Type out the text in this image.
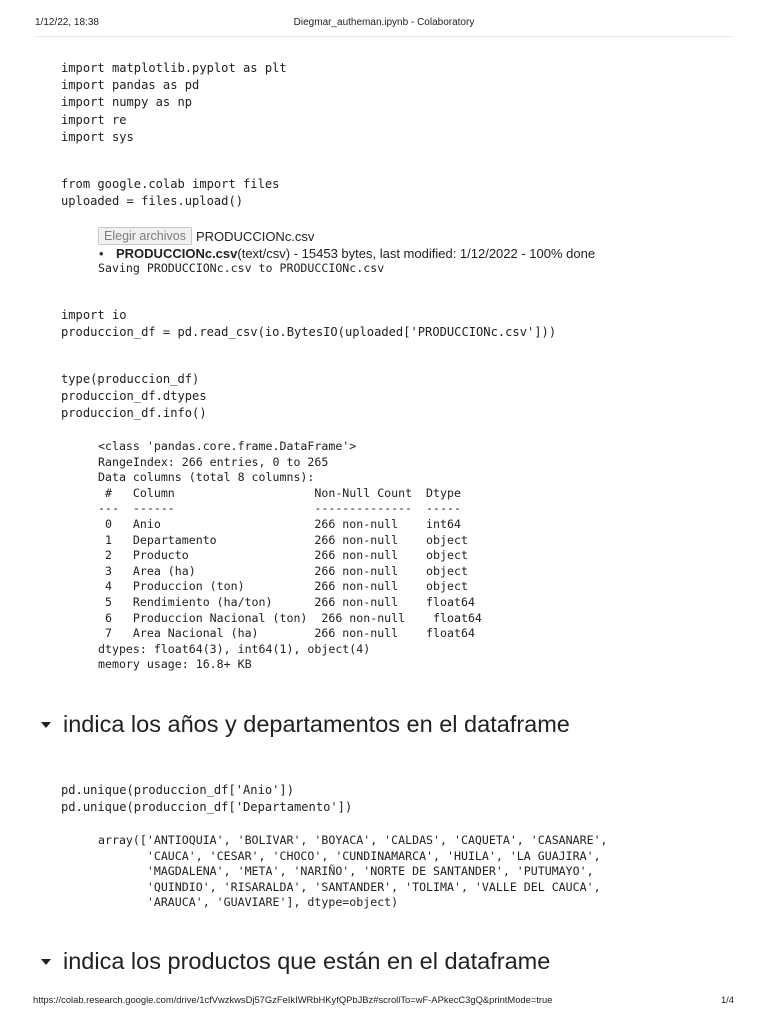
1/12/22, 18:38	Diegmar_autheman.ipynb - Colaboratory
import matplotlib.pyplot as plt
import pandas as pd
import numpy as np
import re
import sys
from google.colab import files
uploaded = files.upload()
Elegir archivos PRODUCCIONc.csv
• PRODUCCIONc.csv(text/csv) - 15453 bytes, last modified: 1/12/2022 - 100% done
Saving PRODUCCIONc.csv to PRODUCCIONc.csv
import io
produccion_df = pd.read_csv(io.BytesIO(uploaded['PRODUCCIONc.csv']))
type(produccion_df)
produccion_df.dtypes
produccion_df.info()
<class 'pandas.core.frame.DataFrame'>
RangeIndex: 266 entries, 0 to 265
Data columns (total 8 columns):
#   Column                    Non-Null Count  Dtype
---  ------                    --------------  -----
0   Anio                      266 non-null    int64
1   Departamento              266 non-null    object
2   Producto                  266 non-null    object
3   Area (ha)                 266 non-null    object
4   Produccion (ton)          266 non-null    object
5   Rendimiento (ha/ton)      266 non-null    float64
6   Produccion Nacional (ton)  266 non-null    float64
7   Area Nacional (ha)        266 non-null    float64
dtypes: float64(3), int64(1), object(4)
memory usage: 16.8+ KB
indica los años y departamentos en el dataframe
pd.unique(produccion_df['Anio'])
pd.unique(produccion_df['Departamento'])
array(['ANTIOQUIA', 'BOLIVAR', 'BOYACA', 'CALDAS', 'CAQUETA', 'CASANARE',
'CAUCA', 'CESAR', 'CHOCO', 'CUNDINAMARCA', 'HUILA', 'LA GUAJIRA',
'MAGDALENA', 'META', 'NARIÑO', 'NORTE DE SANTANDER', 'PUTUMAYO',
'QUINDIO', 'RISARALDA', 'SANTANDER', 'TOLIMA', 'VALLE DEL CAUCA',
'ARAUCA', 'GUAVIARE'], dtype=object)
indica los productos que están en el dataframe
https://colab.research.google.com/drive/1cfVwzkwsDj57GzFeIkIWRbHKyfQPbJBz#scrollTo=wF-APkecC3gQ&printMode=true	1/4
